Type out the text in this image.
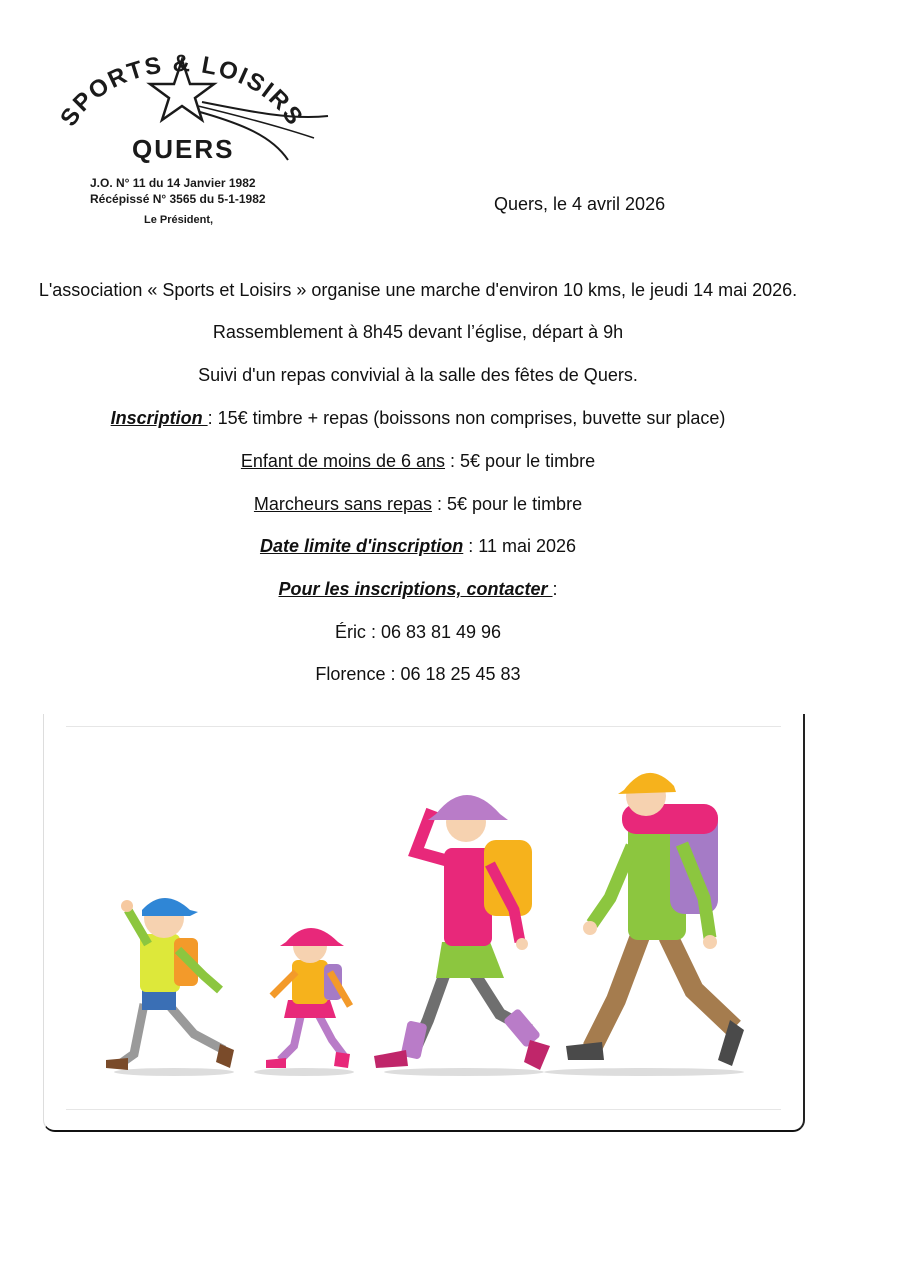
SPORTS & LOISIRS
QUERS
J.O. N° 11 du 14 Janvier 1982
Récépissé N° 3565 du 5-1-1982
Le Président,
Quers, le 4 avril 2026
L'association « Sports et Loisirs » organise une marche d'environ 10 kms, le jeudi 14 mai 2026.
Rassemblement à 8h45 devant l’église, départ à 9h
Suivi d'un repas convivial à la salle des fêtes de Quers.
Inscription : 15€ timbre + repas (boissons non comprises, buvette sur place)
Enfant de moins de 6 ans : 5€ pour le timbre
Marcheurs sans repas : 5€ pour le timbre
Date limite d'inscription : 11 mai 2026
Pour les inscriptions, contacter :
Éric : 06 83 81 49 96
Florence : 06 18 25 45 83
